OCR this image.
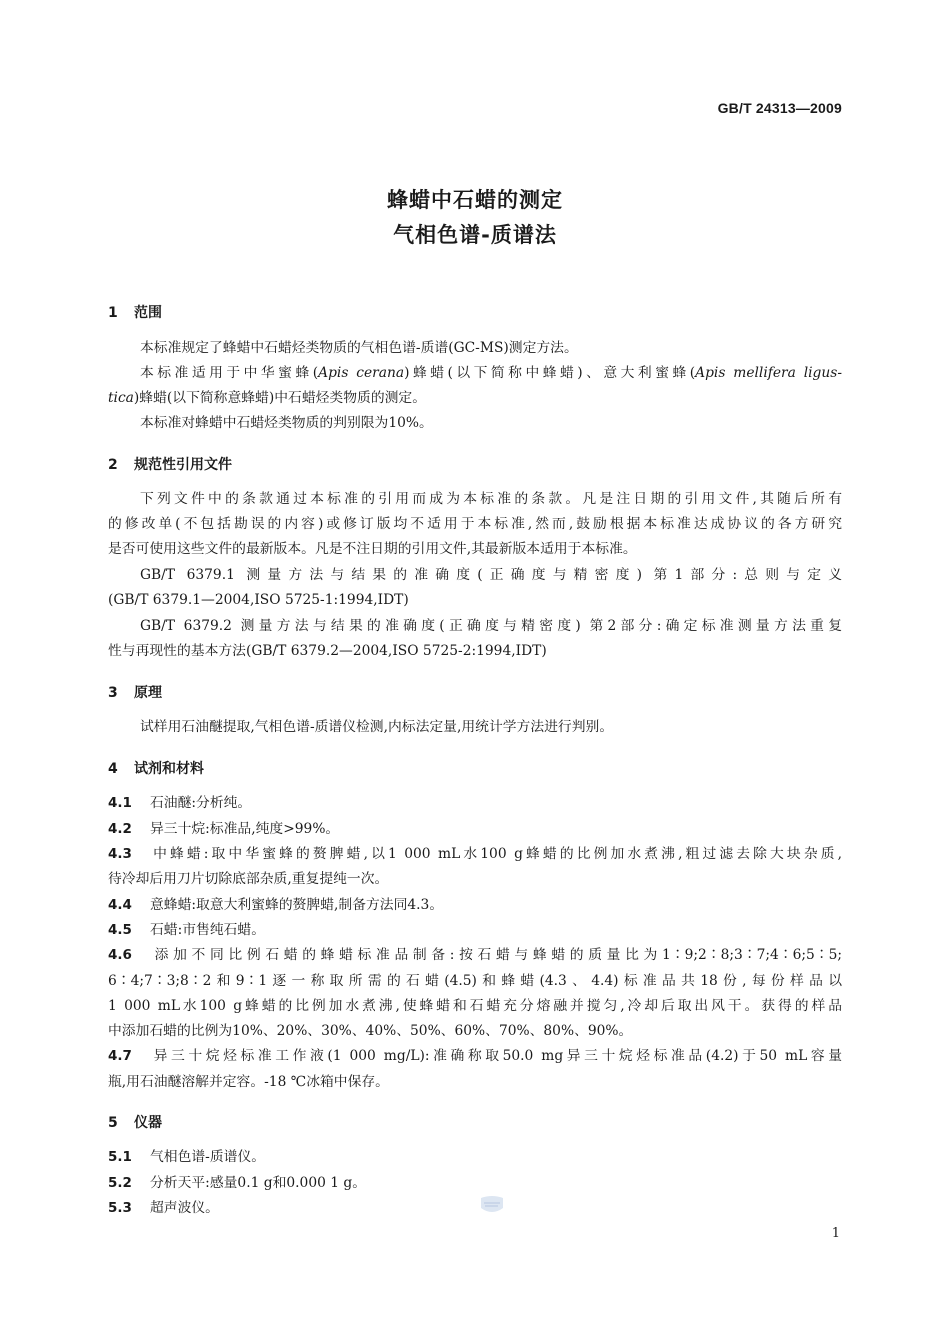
GB/T 24313—2009
蜂蜡中石蜡的测定
气相色谱-质谱法
1 范围
本标准规定了蜂蜡中石蜡烃类物质的气相色谱-质谱(GC-MS)测定方法。
本标准适用于中华蜜蜂(Apis cerana)蜂蜡(以下简称中蜂蜡)、意大利蜜蜂(Apis mellifera ligus-
tica)蜂蜡(以下简称意蜂蜡)中石蜡烃类物质的测定。
本标准对蜂蜡中石蜡烃类物质的判别限为10%。
2 规范性引用文件
下列文件中的条款通过本标准的引用而成为本标准的条款。凡是注日期的引用文件,其随后所有
的修改单(不包括勘误的内容)或修订版均不适用于本标准,然而,鼓励根据本标准达成协议的各方研究
是否可使用这些文件的最新版本。凡是不注日期的引用文件,其最新版本适用于本标准。
GB/T 6379.1 测量方法与结果的准确度(正确度与精密度) 第1部分:总则与定义
(GB/T 6379.1—2004,ISO 5725-1:1994,IDT)
GB/T 6379.2 测量方法与结果的准确度(正确度与精密度) 第2部分:确定标准测量方法重复
性与再现性的基本方法(GB/T 6379.2—2004,ISO 5725-2:1994,IDT)
3 原理
试样用石油醚提取,气相色谱-质谱仪检测,内标法定量,用统计学方法进行判别。
4 试剂和材料
4.1 石油醚:分析纯。
4.2 异三十烷:标准品,纯度>99%。
4.3 中蜂蜡:取中华蜜蜂的赘脾蜡,以1 000 mL水100 g蜂蜡的比例加水煮沸,粗过滤去除大块杂质,
待冷却后用刀片切除底部杂质,重复提纯一次。
4.4 意蜂蜡:取意大利蜜蜂的赘脾蜡,制备方法同4.3。
4.5 石蜡:市售纯石蜡。
4.6 添加不同比例石蜡的蜂蜡标准品制备:按石蜡与蜂蜡的质量比为1∶9;2∶8;3∶7;4∶6;5∶5;
6∶4;7∶3;8∶2和9∶1逐一称取所需的石蜡(4.5)和蜂蜡(4.3、4.4)标准品共18份,每份样品以
1 000 mL水100 g蜂蜡的比例加水煮沸,使蜂蜡和石蜡充分熔融并搅匀,冷却后取出风干。获得的样品
中添加石蜡的比例为10%、20%、30%、40%、50%、60%、70%、80%、90%。
4.7 异三十烷烃标准工作液(1 000 mg/L):准确称取50.0 mg异三十烷烃标准品(4.2)于50 mL容量
瓶,用石油醚溶解并定容。-18 ℃冰箱中保存。
5 仪器
5.1 气相色谱-质谱仪。
5.2 分析天平:感量0.1 g和0.000 1 g。
5.3 超声波仪。
1
